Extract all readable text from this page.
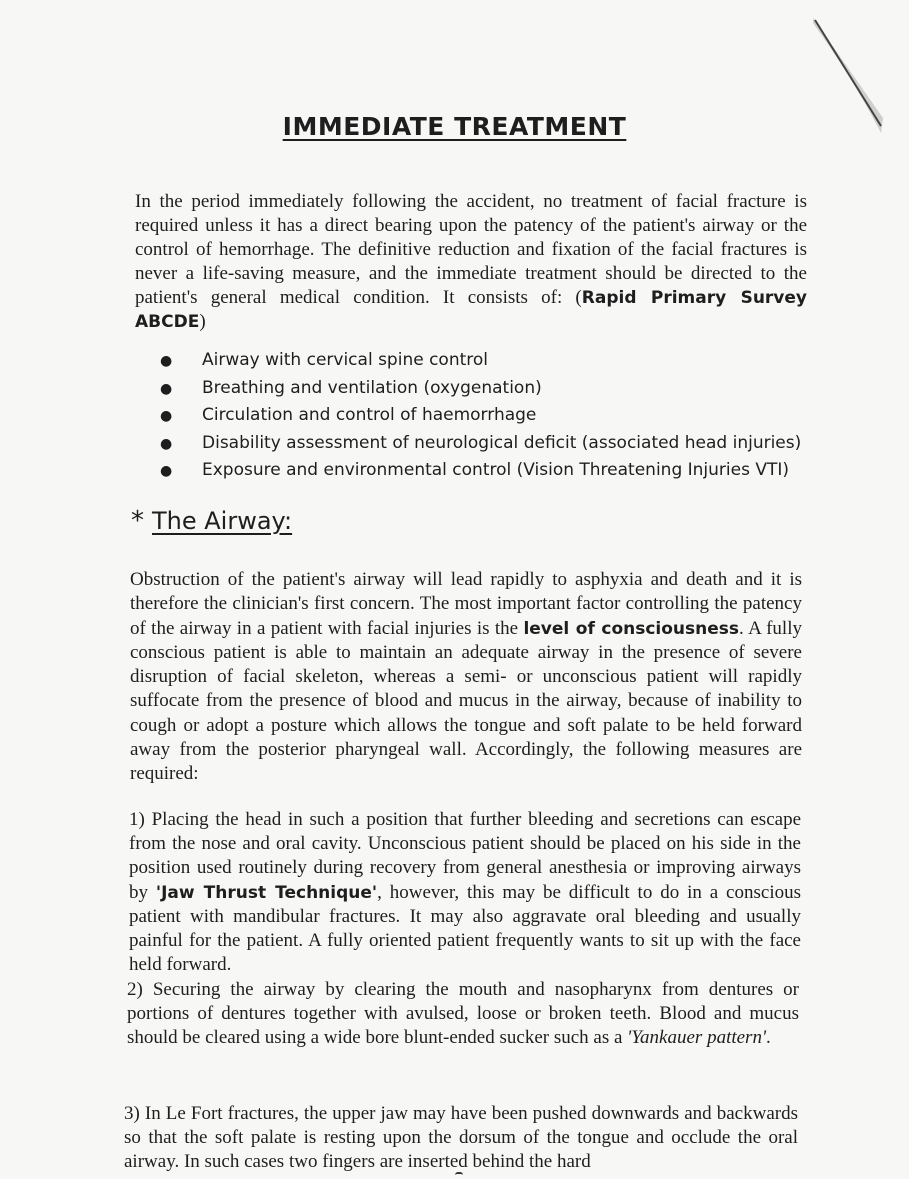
IMMEDIATE TREATMENT

In the period immediately following the accident, no treatment of facial fracture is required unless it has a direct bearing upon the patency of the patient's airway or the control of hemorrhage. The definitive reduction and fixation of the facial fractures is never a life-saving measure, and the immediate treatment should be directed to the patient's general medical condition. It consists of: (Rapid Primary Survey ABCDE)

●	Airway with cervical spine control
●	Breathing and ventilation (oxygenation)
●	Circulation and control of haemorrhage
●	Disability assessment of neurological deficit (associated head injuries)
●	Exposure and environmental control (Vision Threatening Injuries VTI)
* The Airway:

Obstruction of the patient's airway will lead rapidly to asphyxia and death and it is therefore the clinician's first concern. The most important factor controlling the patency of the airway in a patient with facial injuries is the level of consciousness. A fully conscious patient is able to maintain an adequate airway in the presence of severe disruption of facial skeleton, whereas a semi- or unconscious patient will rapidly suffocate from the presence of blood and mucus in the airway, because of inability to cough or adopt a posture which allows the tongue and soft palate to be held forward away from the posterior pharyngeal wall. Accordingly, the following measures are required:

1) Placing the head in such a position that further bleeding and secretions can escape from the nose and oral cavity. Unconscious patient should be placed on his side in the position used routinely during recovery from general anesthesia or improving airways by 'Jaw Thrust Technique', however, this may be difficult to do in a conscious patient with mandibular fractures. It may also aggravate oral bleeding and usually painful for the patient. A fully oriented patient frequently wants to sit up with the face held forward.

2) Securing the airway by clearing the mouth and nasopharynx from dentures or portions of dentures together with avulsed, loose or broken teeth. Blood and mucus should be cleared using a wide bore blunt-ended sucker such as a 'Yankauer pattern'.

3) In Le Fort fractures, the upper jaw may have been pushed downwards and backwards so that the soft palate is resting upon the dorsum of the tongue and occlude the oral airway. In such cases two fingers are inserted behind the hard
